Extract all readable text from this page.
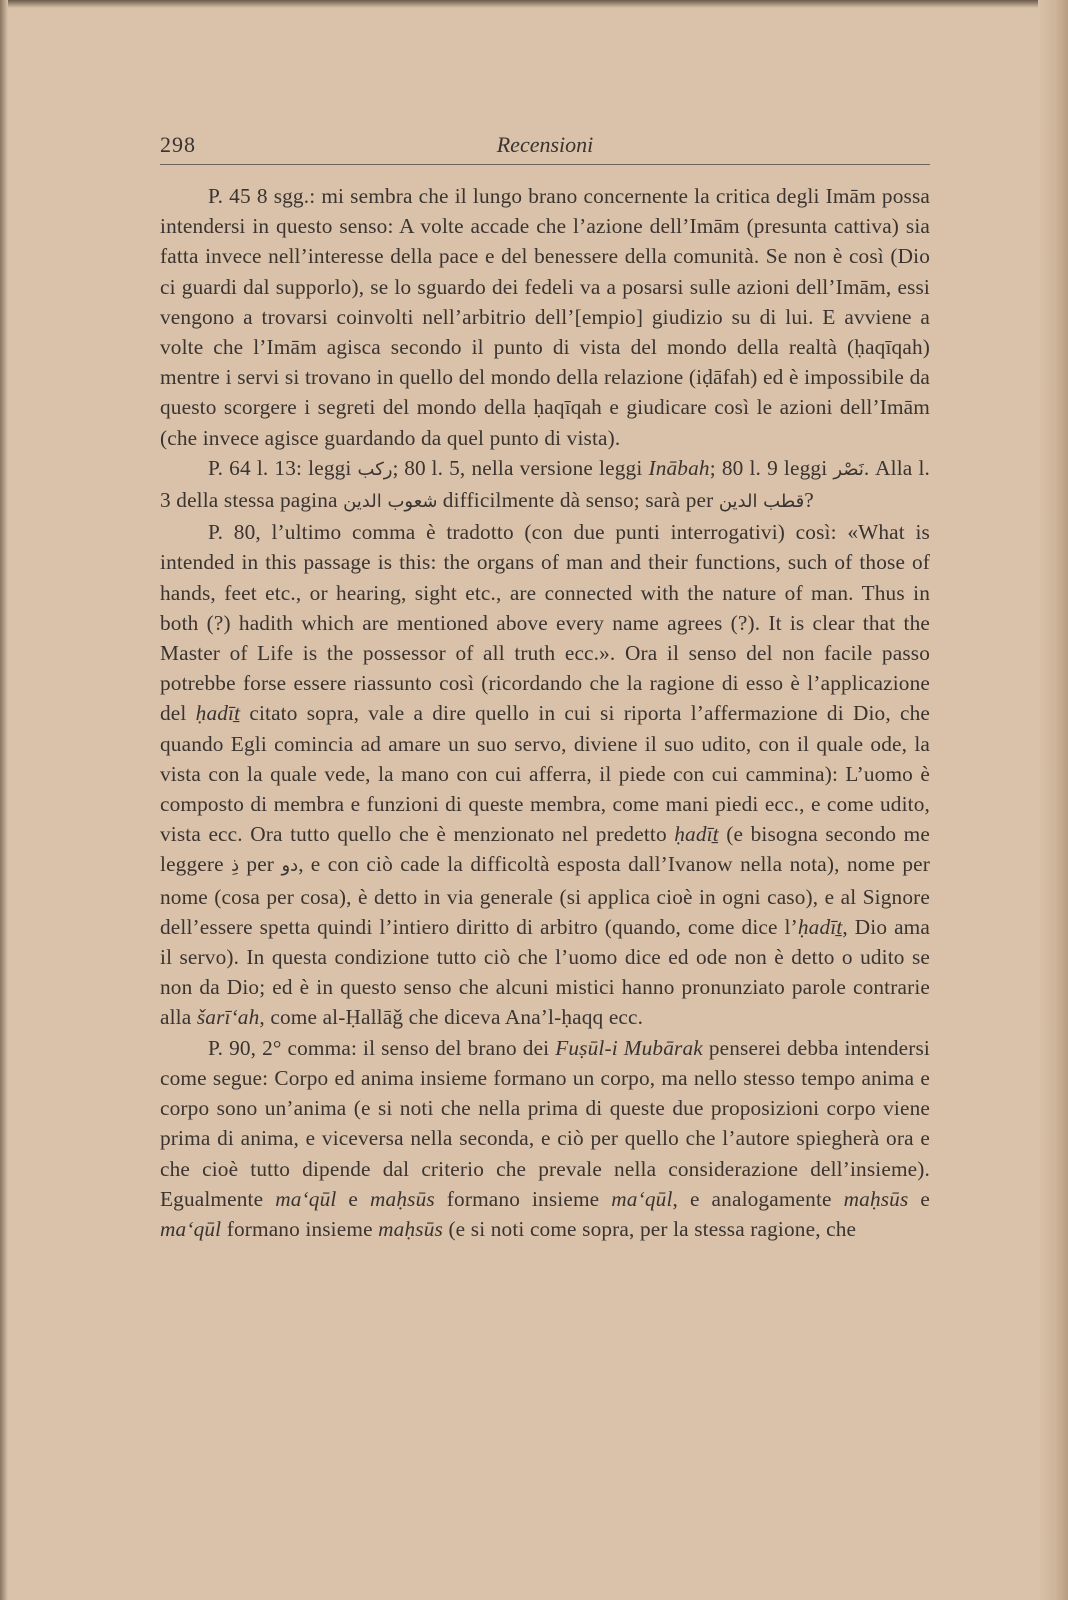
298	Recensioni

P. 45 8 sgg.: mi sembra che il lungo brano concernente la critica degli Imām possa intendersi in questo senso: A volte accade che l’azione dell’Imām (presunta cattiva) sia fatta invece nell’interesse della pace e del benessere della comunità. Se non è così (Dio ci guardi dal supporlo), se lo sguardo dei fedeli va a posarsi sulle azioni dell’Imām, essi vengono a trovarsi coinvolti nell’arbitrio dell’[empio] giudizio su di lui. E avviene a volte che l’Imām agisca secondo il punto di vista del mondo della realtà (ḥaqīqah) mentre i servi si trovano in quello del mondo della relazione (iḍāfah) ed è impossibile da questo scorgere i segreti del mondo della ḥaqīqah e giudicare così le azioni dell’Imām (che invece agisce guardando da quel punto di vista).

P. 64 l. 13: leggi ركب; 80 l. 5, nella versione leggi Inābah; 80 l. 9 leggi نَصْر. Alla l. 3 della stessa pagina شعوب الدين difficilmente dà senso; sarà per قطب الدين?

P. 80, l’ultimo comma è tradotto (con due punti interrogativi) così: «What is intended in this passage is this: the organs of man and their functions, such of those of hands, feet etc., or hearing, sight etc., are connected with the nature of man. Thus in both (?) hadith which are mentioned above every name agrees (?). It is clear that the Master of Life is the possessor of all truth ecc.». Ora il senso del non facile passo potrebbe forse essere riassunto così (ricordando che la ragione di esso è l’applicazione del ḥadīṯ citato sopra, vale a dire quello in cui si riporta l’affermazione di Dio, che quando Egli comincia ad amare un suo servo, diviene il suo udito, con il quale ode, la vista con la quale vede, la mano con cui afferra, il piede con cui cammina): L’uomo è composto di membra e funzioni di queste membra, come mani piedi ecc., e come udito, vista ecc. Ora tutto quello che è menzionato nel predetto ḥadīṯ (e bisogna secondo me leggere ذِ per دو, e con ciò cade la difficoltà esposta dall’Ivanow nella nota), nome per nome (cosa per cosa), è detto in via generale (si applica cioè in ogni caso), e al Signore dell’essere spetta quindi l’intiero diritto di arbitro (quando, come dice l’ḥadīṯ, Dio ama il servo). In questa condizione tutto ciò che l’uomo dice ed ode non è detto o udito se non da Dio; ed è in questo senso che alcuni mistici hanno pronunziato parole contrarie alla šarī‘ah, come al-Ḥallāǧ che diceva Ana’l-ḥaqq ecc.

P. 90, 2° comma: il senso del brano dei Fuṣūl-i Mubārak penserei debba intendersi come segue: Corpo ed anima insieme formano un corpo, ma nello stesso tempo anima e corpo sono un’anima (e si noti che nella prima di queste due proposizioni corpo viene prima di anima, e viceversa nella seconda, e ciò per quello che l’autore spiegherà ora e che cioè tutto dipende dal criterio che prevale nella considerazione dell’insieme). Egualmente ma‘qūl e maḥsūs formano insieme ma‘qūl, e analogamente maḥsūs e ma‘qūl formano insieme maḥsūs (e si noti come sopra, per la stessa ragione, che
